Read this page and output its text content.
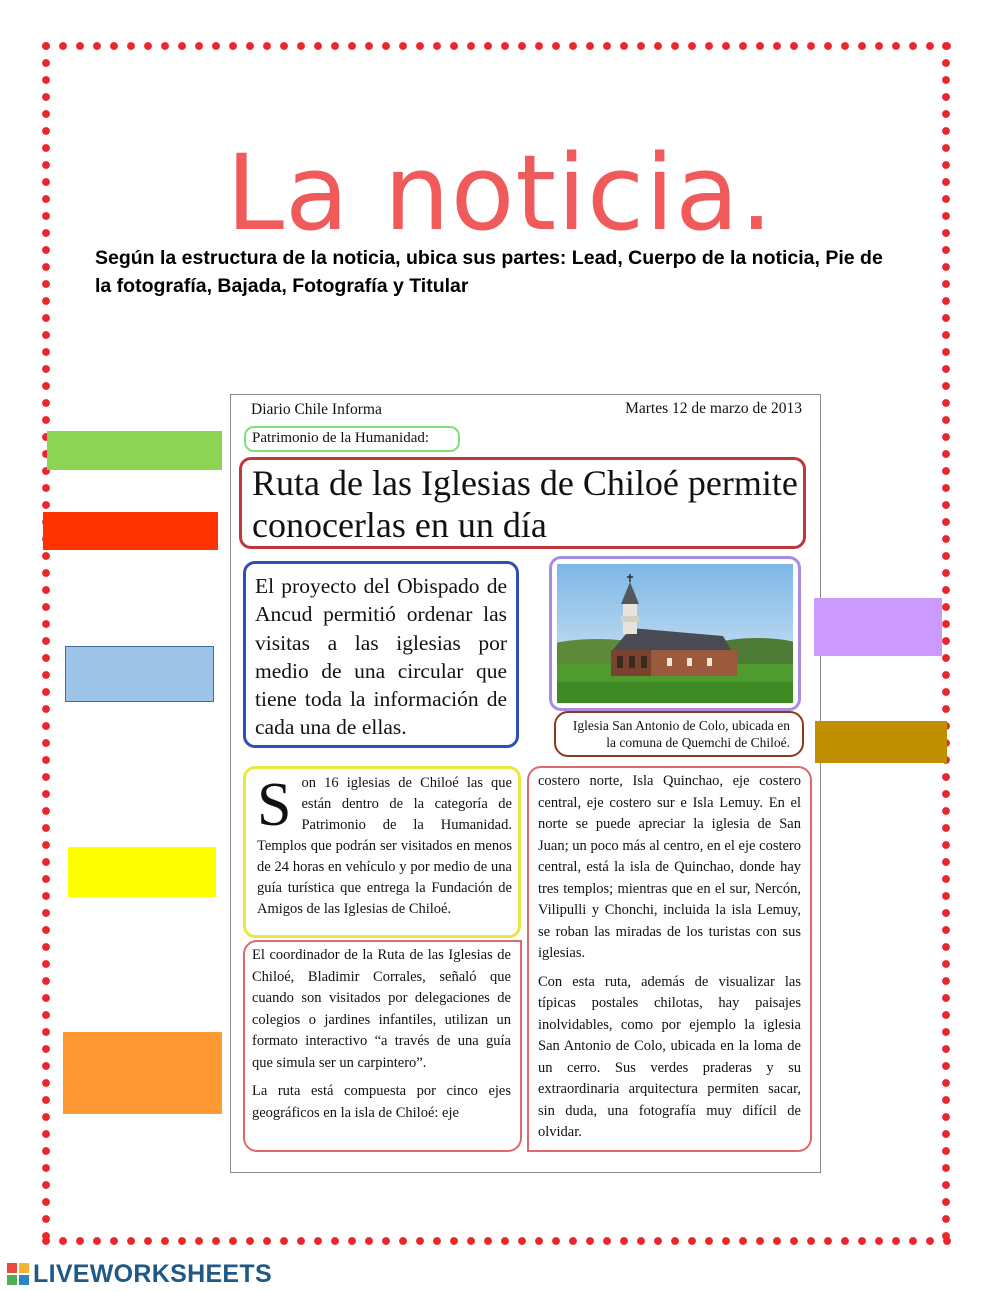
La noticia.
Según la estructura de la noticia, ubica sus partes: Lead, Cuerpo de la noticia, Pie de la fotografía, Bajada, Fotografía y Titular
Diario Chile Informa	Martes 12 de marzo de 2013
Patrimonio de la Humanidad:
Ruta de las Iglesias de Chiloé permite conocerlas en un día
El proyecto del Obispado de Ancud permitió ordenar las visitas a las iglesias por medio de una circular que tiene toda la información de cada una de ellas.	Iglesia San Antonio de Colo, ubicada en la comuna de Quemchi de Chiloé.
S on 16 iglesias de Chiloé las que están dentro de la categoría de Patrimonio de la Humanidad. Templos que podrán ser visitados en menos de 24 horas en vehículo y por medio de una guía turística que entrega la Fundación de Amigos de las Iglesias de Chiloé.

El coordinador de la Ruta de las Iglesias de Chiloé, Bladimir Corrales, señaló que cuando son visitados por delegaciones de colegios o jardines infantiles, utilizan un formato interactivo “a través de una guía que simula ser un carpintero”.

La ruta está compuesta por cinco ejes geográficos en la isla de Chiloé: eje

costero norte, Isla Quinchao, eje costero central, eje costero sur e Isla Lemuy. En el norte se puede apreciar la iglesia de San Juan; un poco más al centro, en el eje costero central, está la isla de Quinchao, donde hay tres templos; mientras que en el sur, Nercón, Vilipulli y Chonchi, incluida la isla Lemuy, se roban las miradas de los turistas con sus iglesias.

Con esta ruta, además de visualizar las típicas postales chilotas, hay paisajes inolvidables, como por ejemplo la iglesia San Antonio de Colo, ubicada en la loma de un cerro. Sus verdes praderas y su extraordinaria arquitectura permiten sacar, sin duda, una fotografía muy difícil de olvidar.

LIVEWORKSHEETS
